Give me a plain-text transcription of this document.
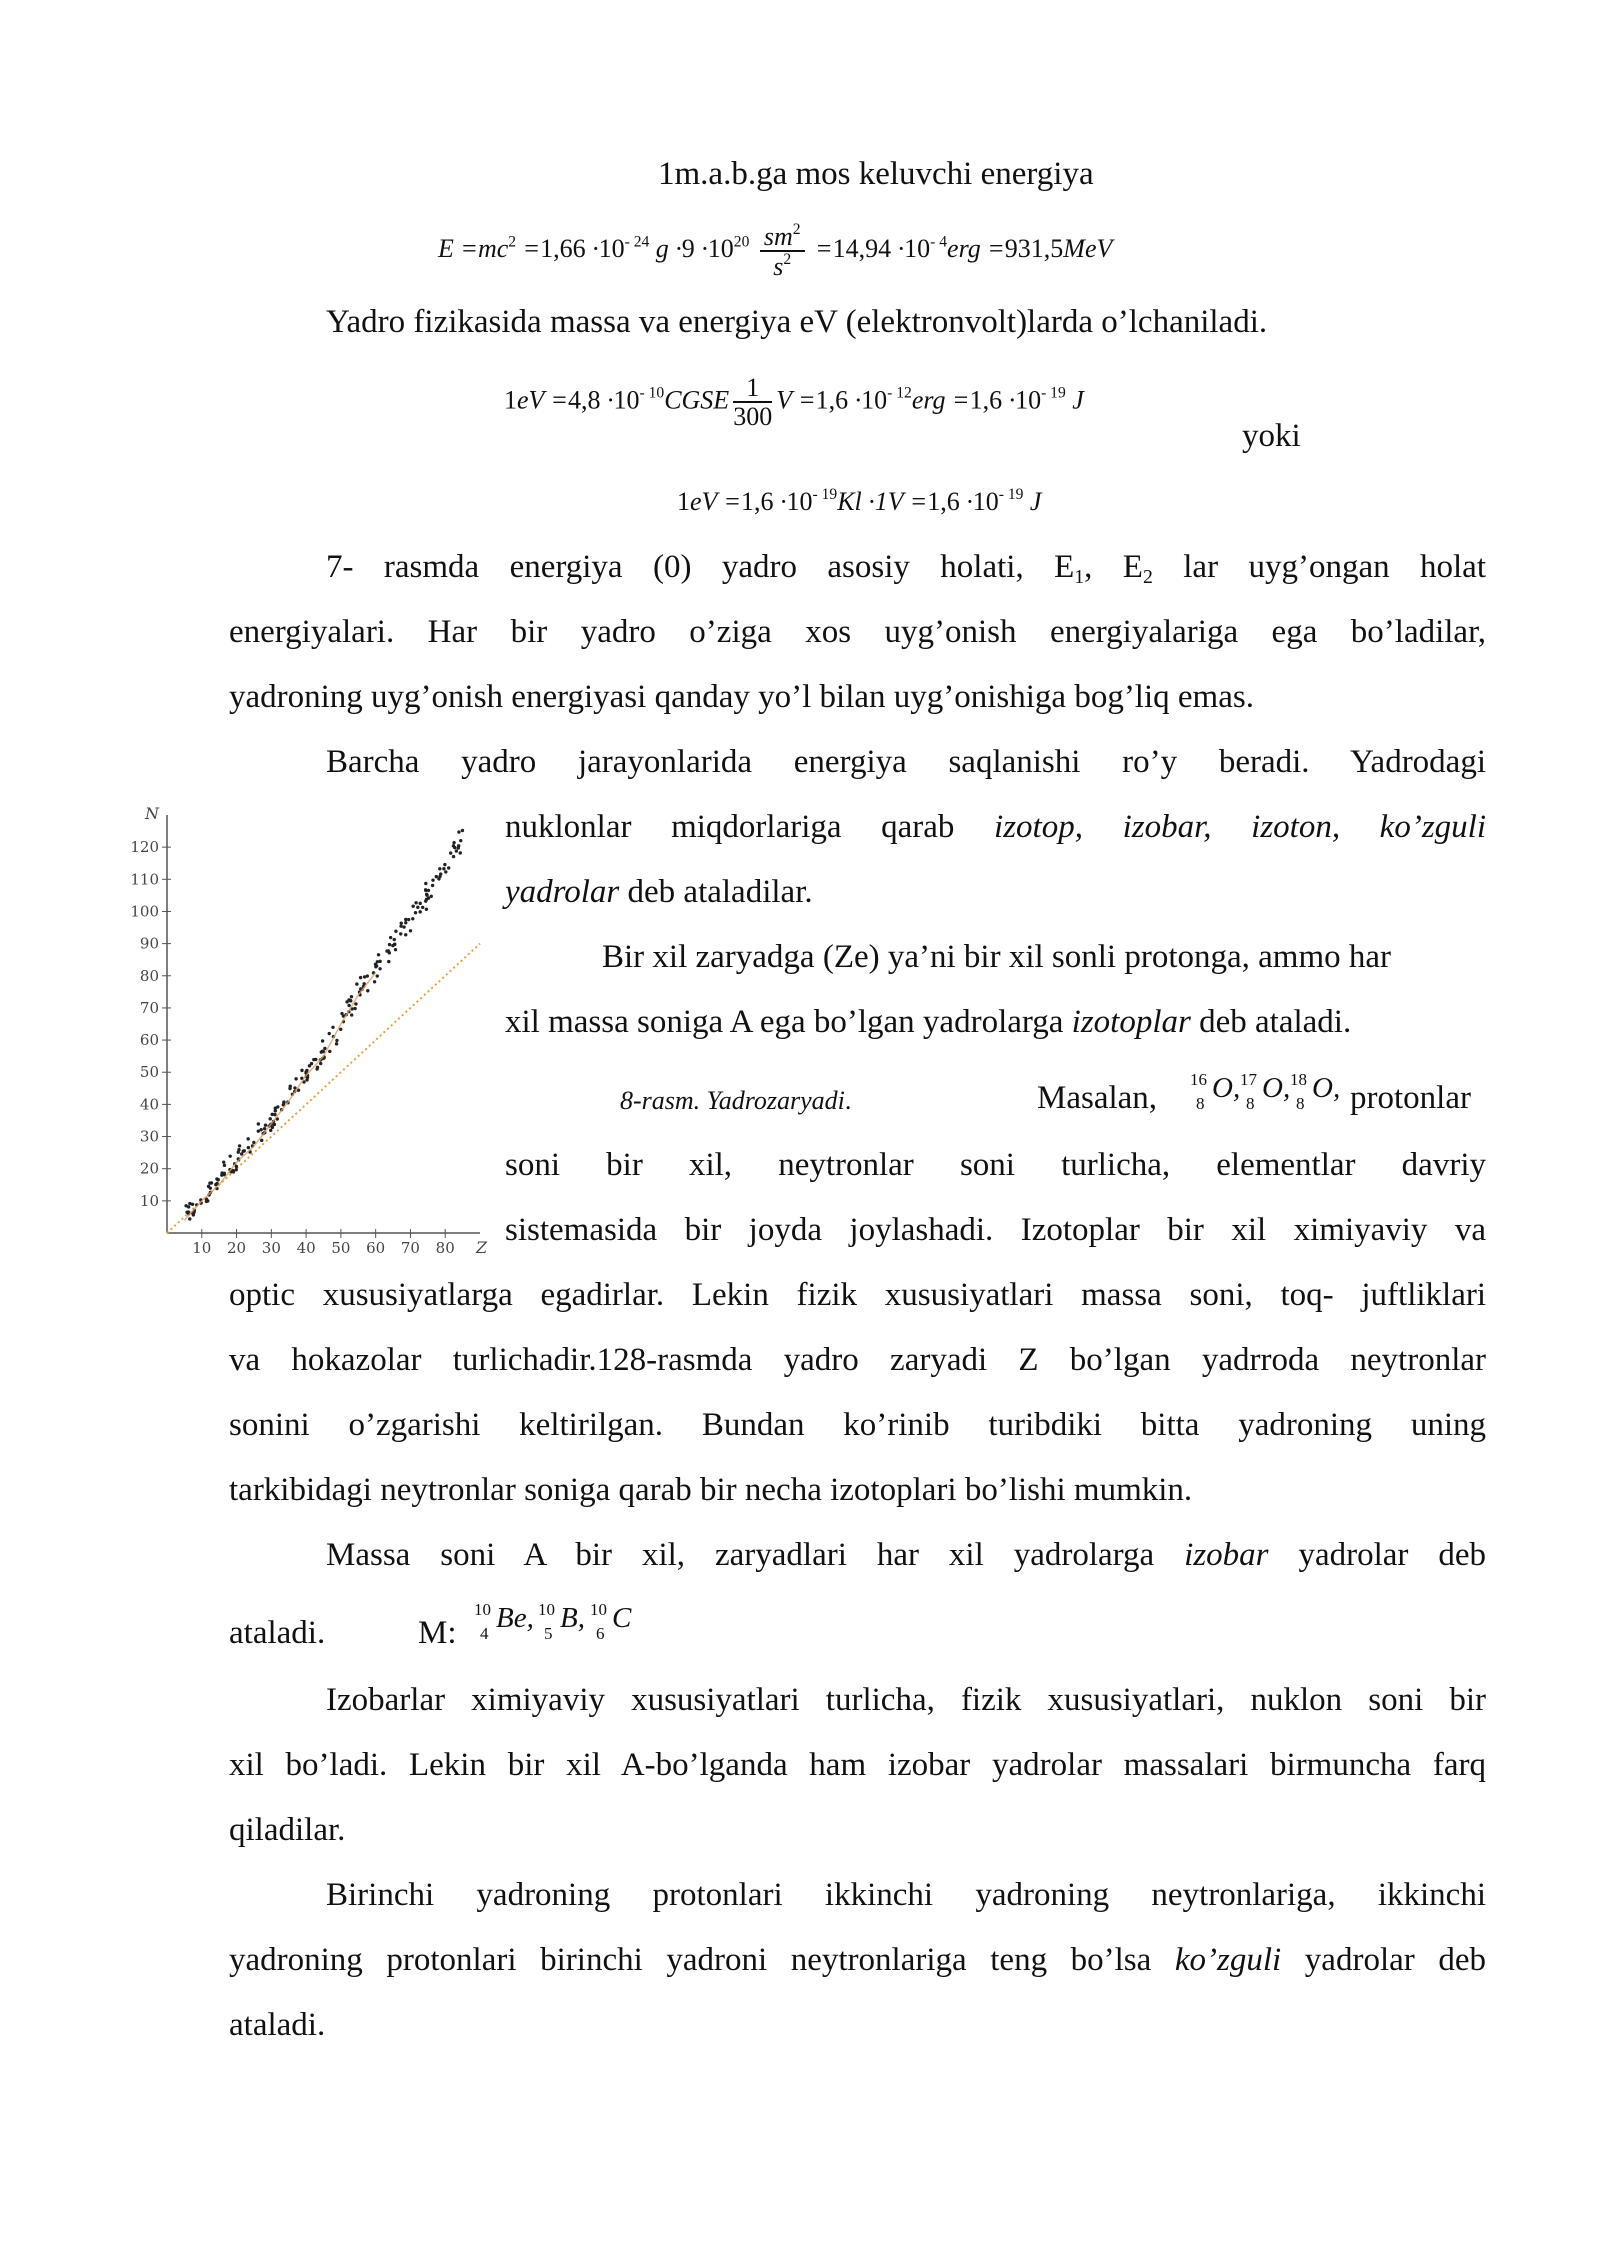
1m.a.b.ga mos keluvchi energiya
$E =mc^2 =1,66 \cdot 10^{- 24}$ $g \cdot 9 \cdot 10^{20} \frac{sm^2}{s^2} =14,94 \cdot 10^{- 4}erg =931,5MeV$
Yadro fizikasida massa va energiya eV (elektronvolt)larda o’lchaniladi.
$1eV =4,8 \cdot 10^{- 10}CGSE \frac{1}{300}$ $V =1,6 \cdot 10^{- 12}erg =1,6 \cdot 10^{- 19}$ J
yoki
$1eV =1,6 \cdot 10^{- 19}Kl \cdot 1V =1,6 \cdot 10^{- 19}$ J
7- rasmda energiya (0) yadro asosiy holati, $E_1$, $E_2$ lar uyg’ongan holat
energiyalari. Har bir yadro o’ziga xos uyg’onish energiyalariga ega bo’ladilar,
yadroning uyg’onish energiyasi qanday yo’l bilan uyg’onishiga bog’liq emas.
Barcha yadro jarayonlarida energiya saqlanishi ro’y beradi. Yadrodagi
nuklonlar miqdorlariga qarab izotop, izobar, izoton, ko’zguli
yadrolar deb ataladilar.
Bir xil zaryadga (Ze) ya’ni bir xil sonli protonga, ammo har
xil massa soniga A ega bo’lgan yadrolarga izotoplar deb ataladi.
120
110
100
90
80
70
60
50
40
30
20
10
10 20 30 40 50 60 70 80
N
Z
8-rasm. Yadrozaryadi.	Masalan,
16
8 O, 17
8 O, 18
8 O, protonlar
soni bir xil, neytronlar soni turlicha, elementlar davriy
sistemasida bir joyda joylashadi. Izotoplar bir xil ximiyaviy va
optic xususiyatlarga egadirlar. Lekin fizik xususiyatlari massa soni, toq- juftliklari
va hokazolar turlichadir.128-rasmda yadro zaryadi Z bo’lgan yadrroda neytronlar
sonini o’zgarishi keltirilgan. Bundan ko’rinib turibdiki bitta yadroning uning
tarkibidagi neytronlar soniga qarab bir necha izotoplari bo’lishi mumkin.
Massa soni A bir xil, zaryadlari har xil yadrolarga izobar yadrolar deb
ataladi.	M:
10
4 Be, 10
5 B, 10
6 C
Izobarlar ximiyaviy xususiyatlari turlicha, fizik xususiyatlari, nuklon soni bir
xil bo’ladi. Lekin bir xil A-bo’lganda ham izobar yadrolar massalari birmuncha farq
qiladilar.
Birinchi yadroning protonlari ikkinchi yadroning neytronlariga, ikkinchi
yadroning protonlari birinchi yadroni neytronlariga teng bo’lsa ko’zguli yadrolar deb
ataladi.
